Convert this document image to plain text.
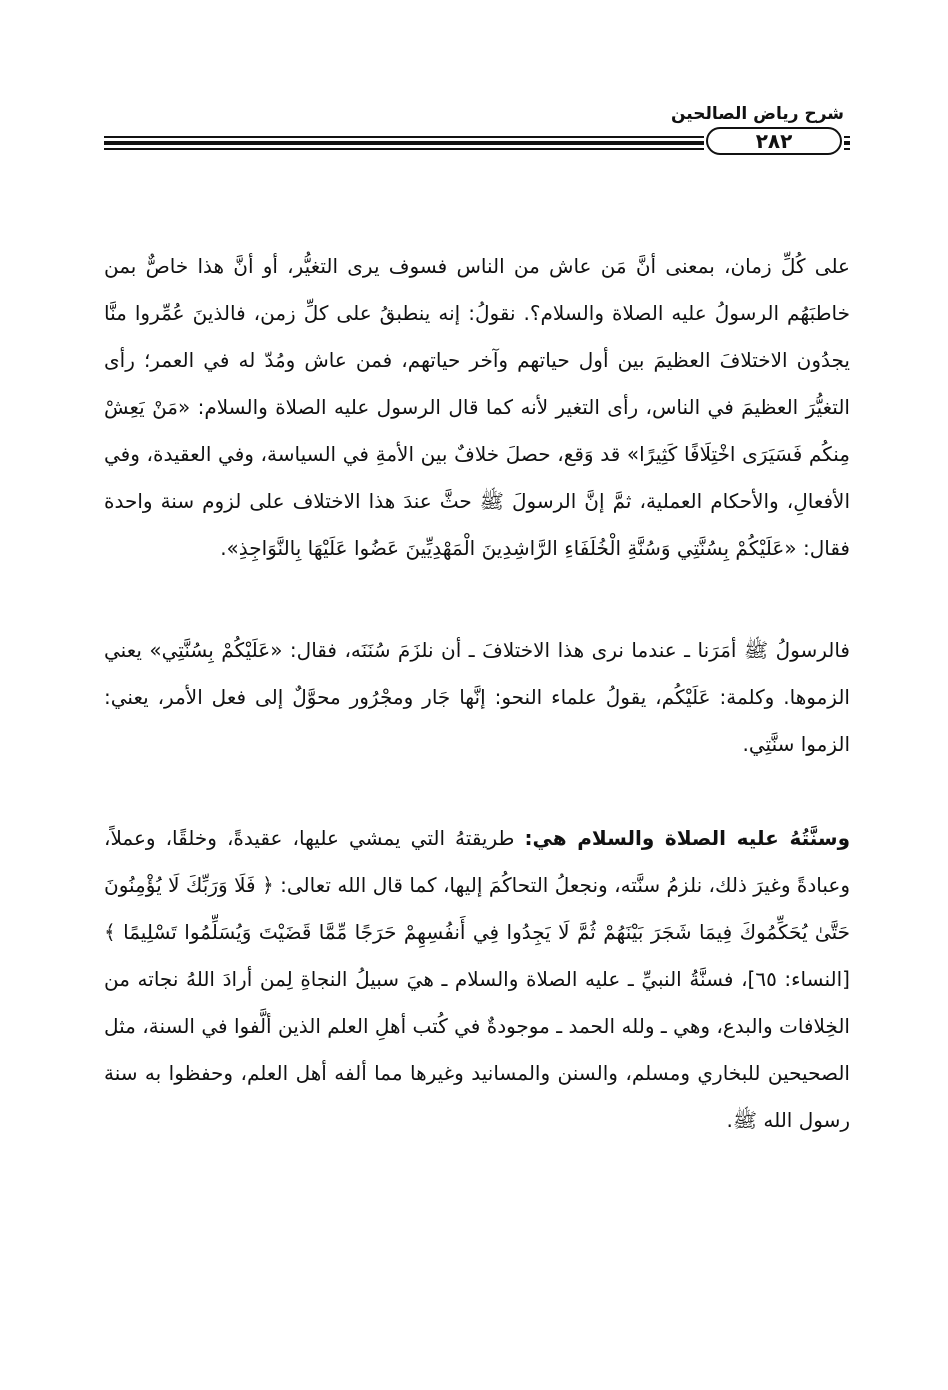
شرح رياض الصالحين
٢٨٢

على كُلِّ زمان، بمعنى أنَّ مَن عاش من الناس فسوف يرى التغيُّر، أو أنَّ هذا خاصٌّ بمن خاطبَهُم الرسولُ عليه الصلاة والسلام؟. نقولُ: إنه ينطبقُ على كلِّ زمن، فالذينَ عُمِّروا منَّا يجدُون الاختلافَ العظيمَ بين أول حياتهم وآخر حياتهم، فمن عاش ومُدّ له في العمر؛ رأى التغيُّرَ العظيمَ في الناس، رأى التغير لأنه كما قال الرسول عليه الصلاة والسلام: «مَنْ يَعِشْ مِنكُم فَسَيَرَى اخْتِلَافًا كَثِيرًا» قد وَقع، حصلَ خلافٌ بين الأمةِ في السياسة، وفي العقيدة، وفي الأفعالِ، والأحكام العملية، ثمَّ إنَّ الرسولَ ﷺ حثَّ عندَ هذا الاختلاف على لزوم سنة واحدة فقال: «عَلَيْكُمْ بِسُنَّتِي وَسُنَّةِ الْخُلَفَاءِ الرَّاشِدِينَ الْمَهْدِيِّينَ عَضُوا عَلَيْهَا بِالنَّوَاجِذِ».

فالرسولُ ﷺ أمَرَنا ـ عندما نرى هذا الاختلافَ ـ أن نلزَمَ سُنَنَه، فقال: «عَلَيْكُمْ بِسُنَّتِي» يعني الزموها. وكلمة: عَلَيْكُم، يقولُ علماء النحو: إنَّها جَار ومجْرُور محوَّلٌ إلى فعل الأمر، يعني: الزموا سنَّتِي.

وسنَّتُهُ عليه الصلاة والسلام هي: طريقتهُ التي يمشي عليها، عقيدةً، وخلقًا، وعملاً، وعبادةً وغيرَ ذلك، نلزمُ سنَّته، ونجعلُ التحاكُمَ إليها، كما قال الله تعالى: ﴿ فَلَا وَرَبِّكَ لَا يُؤْمِنُونَ حَتَّىٰ يُحَكِّمُوكَ فِيمَا شَجَرَ بَيْنَهُمْ ثُمَّ لَا يَجِدُوا فِي أَنفُسِهِمْ حَرَجًا مِّمَّا قَضَيْتَ وَيُسَلِّمُوا تَسْلِيمًا ﴾ [النساء: ٦٥]، فسنَّةُ النبيِّ ـ عليه الصلاة والسلام ـ هيَ سبيلُ النجاةِ لِمن أرادَ اللهُ نجاته من الخِلافات والبدع، وهي ـ ولله الحمد ـ موجودةٌ في كُتب أهلِ العلم الذين ألَّفوا في السنة، مثل الصحيحين للبخاري ومسلم، والسنن والمسانيد وغيرها مما ألفه أهل العلم، وحفظوا به سنة رسول الله ﷺ.
